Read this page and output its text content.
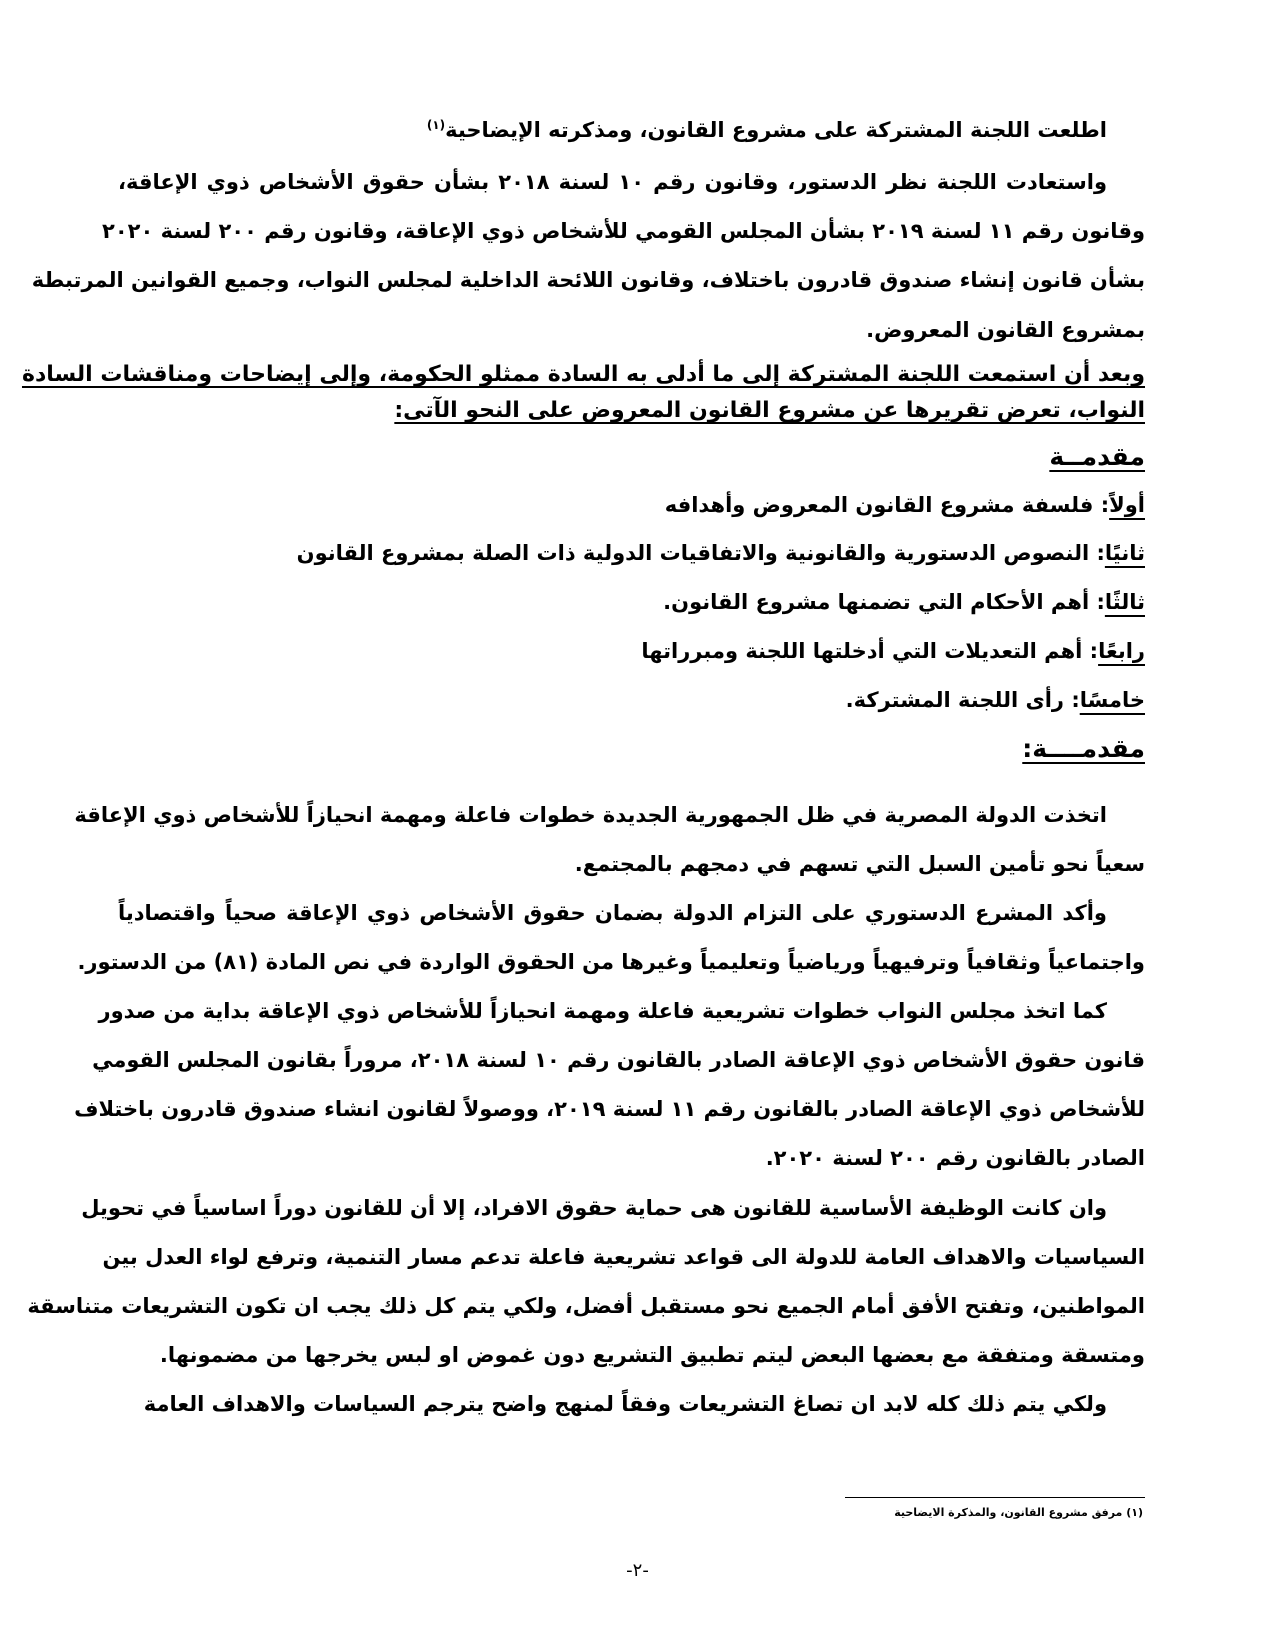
اطلعت اللجنة المشتركة على مشروع القانون، ومذكرته الإيضاحية$^{(١)}$
واستعادت اللجنة نظر الدستور، وقانون رقم ١٠ لسنة ٢٠١٨ بشأن حقوق الأشخاص ذوي الإعاقة،
وقانون رقم ١١ لسنة ٢٠١٩ بشأن المجلس القومي للأشخاص ذوي الإعاقة، وقانون رقم ٢٠٠ لسنة ٢٠٢٠
بشأن قانون إنشاء صندوق قادرون باختلاف، وقانون اللائحة الداخلية لمجلس النواب، وجميع القوانين المرتبطة
بمشروع القانون المعروض.
وبعد أن استمعت اللجنة المشتركة إلى ما أدلى به السادة ممثلو الحكومة، وإلى إيضاحات ومناقشات السادة
النواب، تعرض تقريرها عن مشروع القانون المعروض على النحو الآتى:
مقدمــة
أولاً: فلسفة مشروع القانون المعروض وأهدافه
ثانيًا: النصوص الدستورية والقانونية والاتفاقيات الدولية ذات الصلة بمشروع القانون
ثالثًا: أهم الأحكام التي تضمنها مشروع القانون.
رابعًا: أهم التعديلات التي أدخلتها اللجنة ومبرراتها
خامسًا: رأى اللجنة المشتركة.
مقدمــــة:
اتخذت الدولة المصرية في ظل الجمهورية الجديدة خطوات فاعلة ومهمة انحيازاً للأشخاص ذوي الإعاقة
سعياً نحو تأمين السبل التي تسهم في دمجهم بالمجتمع.
وأكد المشرع الدستوري على التزام الدولة بضمان حقوق الأشخاص ذوي الإعاقة صحياً واقتصادياً
واجتماعياً وثقافياً وترفيهياً ورياضياً وتعليمياً وغيرها من الحقوق الواردة في نص المادة (٨١) من الدستور.
كما اتخذ مجلس النواب خطوات تشريعية فاعلة ومهمة انحيازاً للأشخاص ذوي الإعاقة بداية من صدور
قانون حقوق الأشخاص ذوي الإعاقة الصادر بالقانون رقم ١٠ لسنة ٢٠١٨، مروراً بقانون المجلس القومي
للأشخاص ذوي الإعاقة الصادر بالقانون رقم ١١ لسنة ٢٠١٩، ووصولاً لقانون انشاء صندوق قادرون باختلاف
الصادر بالقانون رقم ٢٠٠ لسنة ٢٠٢٠.
وان كانت الوظيفة الأساسية للقانون هى حماية حقوق الافراد، إلا أن للقانون دوراً اساسياً في تحويل
السياسيات والاهداف العامة للدولة الى قواعد تشريعية فاعلة تدعم مسار التنمية، وترفع لواء العدل بين
المواطنين، وتفتح الأفق أمام الجميع نحو مستقبل أفضل، ولكي يتم كل ذلك يجب ان تكون التشريعات متناسقة
ومتسقة ومتفقة مع بعضها البعض ليتم تطبيق التشريع دون غموض او لبس يخرجها من مضمونها.
ولكي يتم ذلك كله لابد ان تصاغ التشريعات وفقاً لمنهج واضح يترجم السياسات والاهداف العامة
(١) مرفق مشروع القانون، والمذكرة الايضاحية
-٢-
